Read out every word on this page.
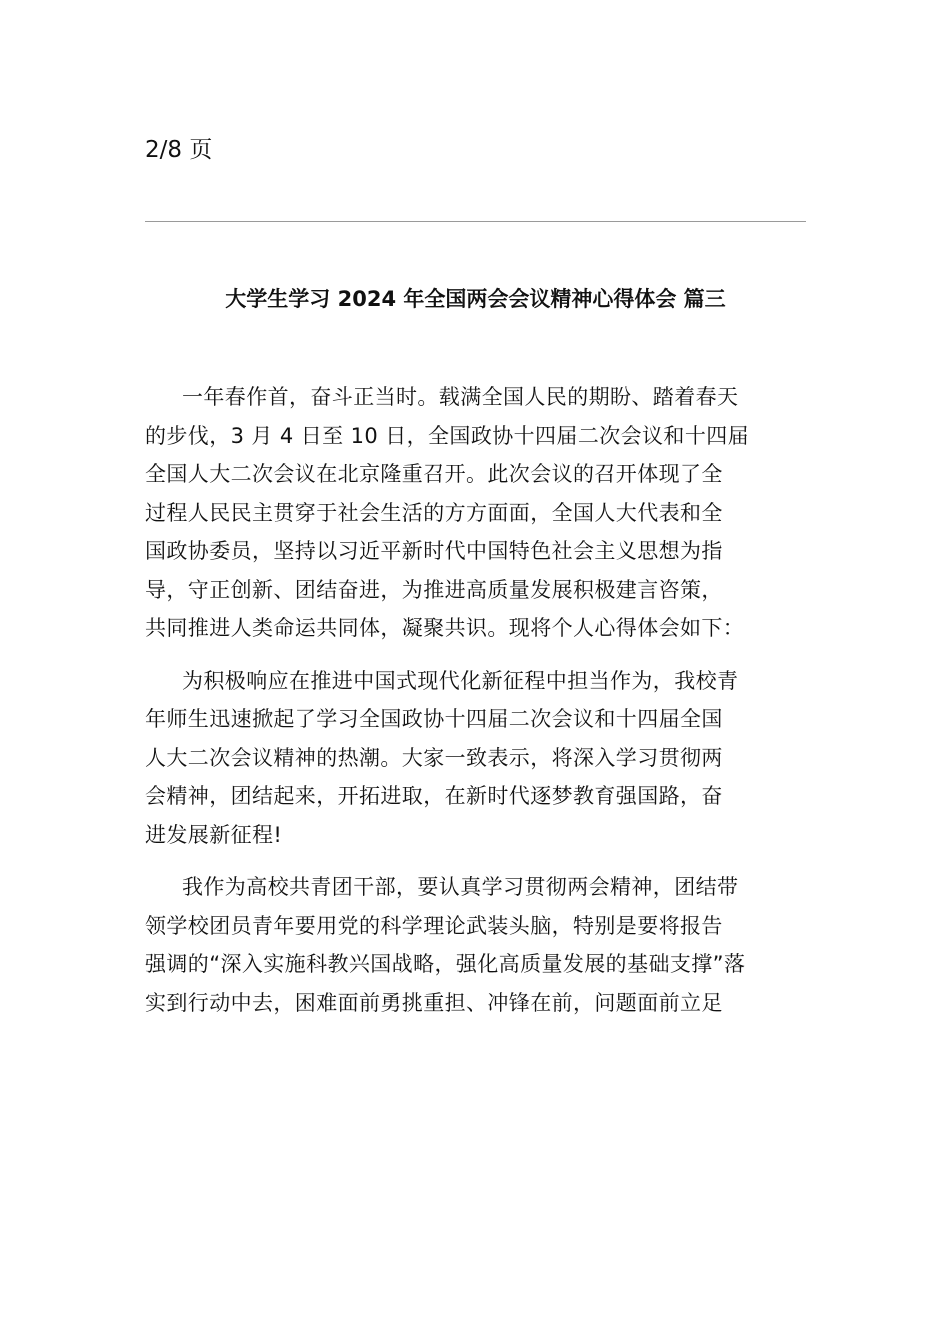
2/8 页
大学生学习 2024 年全国两会会议精神心得体会 篇三
一年春作首，奋斗正当时。载满全国人民的期盼、踏着春天
的步伐，3 月 4 日至 10 日，全国政协十四届二次会议和十四届
全国人大二次会议在北京隆重召开。此次会议的召开体现了全
过程人民民主贯穿于社会生活的方方面面，全国人大代表和全
国政协委员，坚持以习近平新时代中国特色社会主义思想为指
导，守正创新、团结奋进，为推进高质量发展积极建言咨策，
共同推进人类命运共同体，凝聚共识。现将个人心得体会如下：
为积极响应在推进中国式现代化新征程中担当作为，我校青
年师生迅速掀起了学习全国政协十四届二次会议和十四届全国
人大二次会议精神的热潮。大家一致表示，将深入学习贯彻两
会精神，团结起来，开拓进取，在新时代逐梦教育强国路，奋
进发展新征程!
我作为高校共青团干部，要认真学习贯彻两会精神，团结带
领学校团员青年要用党的科学理论武装头脑，特别是要将报告
强调的“深入实施科教兴国战略，强化高质量发展的基础支撑”落
实到行动中去，困难面前勇挑重担、冲锋在前，问题面前立足
